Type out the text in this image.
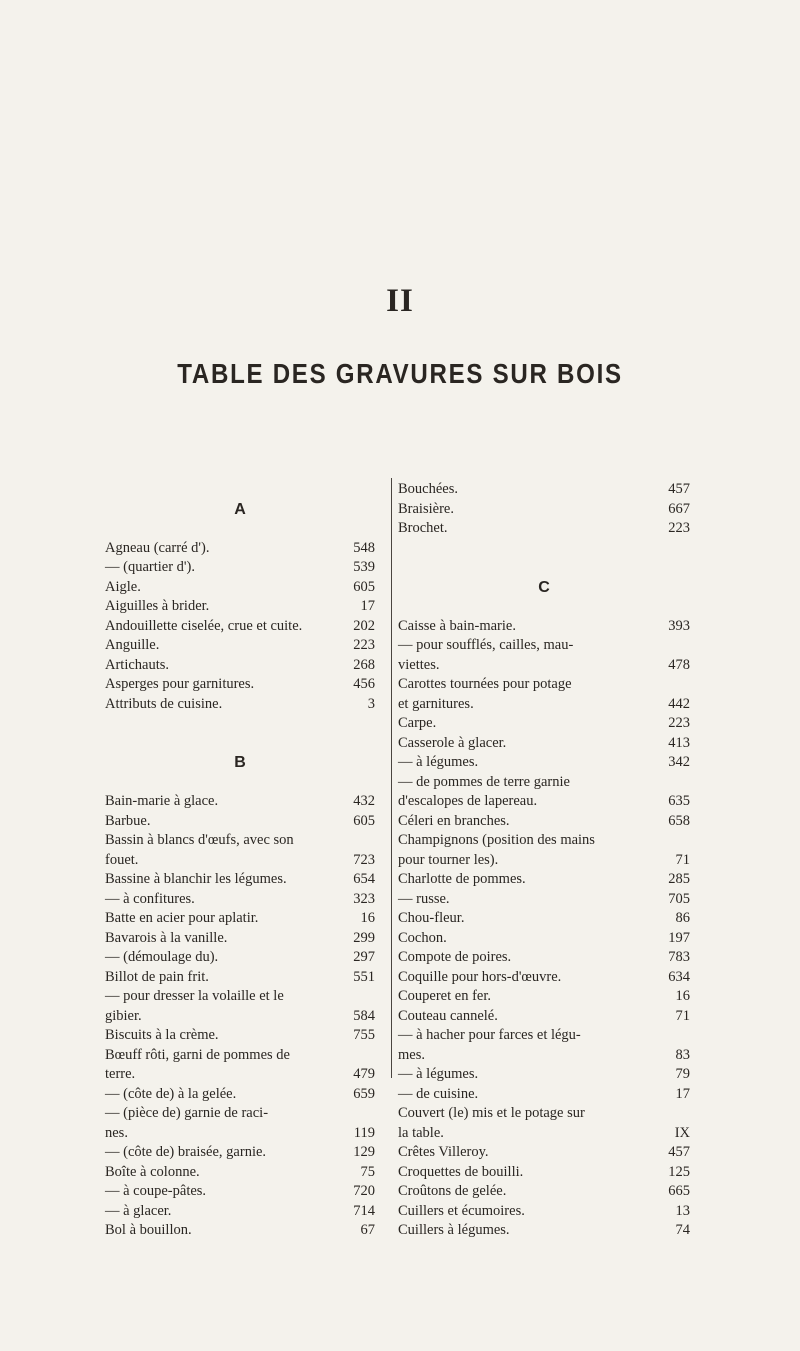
II
TABLE DES GRAVURES SUR BOIS
A
Agneau (carré d').	548
— (quartier d').	539
Aigle.	605
Aiguilles à brider.	17
Andouillette ciselée, crue et cuite.	202
Anguille.	223
Artichauts.	268
Asperges pour garnitures.	456
Attributs de cuisine.	3
B
Bain-marie à glace.	432
Barbue.	605
Bassin à blancs d'œufs, avec son
fouet.	723
Bassine à blanchir les légumes.	654
— à confitures.	323
Batte en acier pour aplatir.	16
Bavarois à la vanille.	299
— (démoulage du).	297
Billot de pain frit.	551
— pour dresser la volaille et le
gibier.	584
Biscuits à la crème.	755
Bœuff rôti, garni de pommes de
terre.	479
— (côte de) à la gelée.	659
— (pièce de) garnie de raci-
nes.	119
— (côte de) braisée, garnie.	129
Boîte à colonne.	75
— à coupe-pâtes.	720
— à glacer.	714
Bol à bouillon.	67
Bouchées.	457
Braisière.	667
Brochet.	223
C
Caisse à bain-marie.	393
— pour soufflés, cailles, mau-
viettes.	478
Carottes tournées pour potage
et garnitures.	442
Carpe.	223
Casserole à glacer.	413
— à légumes.	342
— de pommes de terre garnie
d'escalopes de lapereau.	635
Céleri en branches.	658
Champignons (position des mains
pour tourner les).	71
Charlotte de pommes.	285
— russe.	705
Chou-fleur.	86
Cochon.	197
Compote de poires.	783
Coquille pour hors-d'œuvre.	634
Couperet en fer.	16
Couteau cannelé.	71
— à hacher pour farces et légu-
mes.	83
— à légumes.	79
— de cuisine.	17
Couvert (le) mis et le potage sur
la table.	IX
Crêtes Villeroy.	457
Croquettes de bouilli.	125
Croûtons de gelée.	665
Cuillers et écumoires.	13
Cuillers à légumes.	74
